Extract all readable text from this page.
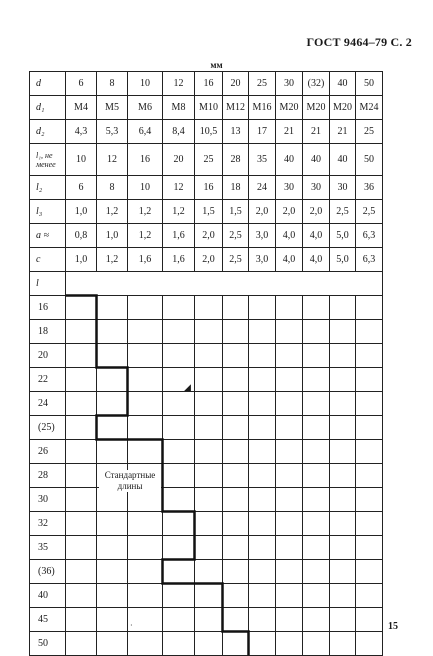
ГОСТ 9464–79 С. 2
мм
d	6	8	10	12	16	20	25	30	(32)	40	50
d₁	M4	M5	M6	M8	M10	M12	M16	M20	M20	M20	M24
d₂	4,3	5,3	6,4	8,4	10,5	13	17	21	21	21	25
l₁, не менее	10	12	16	20	25	28	35	40	40	40	50
l₂	6	8	10	12	16	18	24	30	30	30	36
l₃	1,0	1,2	1,2	1,2	1,5	1,5	2,0	2,0	2,0	2,5	2,5
a ≈	0,8	1,0	1,2	1,6	2,0	2,5	3,0	4,0	4,0	5,0	6,3
c	1,0	1,2	1,6	1,6	2,0	2,5	3,0	4,0	4,0	5,0	6,3
l											
16											
18											
20											
22											
24											
(25)											
26											
28											
30											
32											
35											
(36)											
40											
45											
50											
Стандартные длины
◢
·	15
